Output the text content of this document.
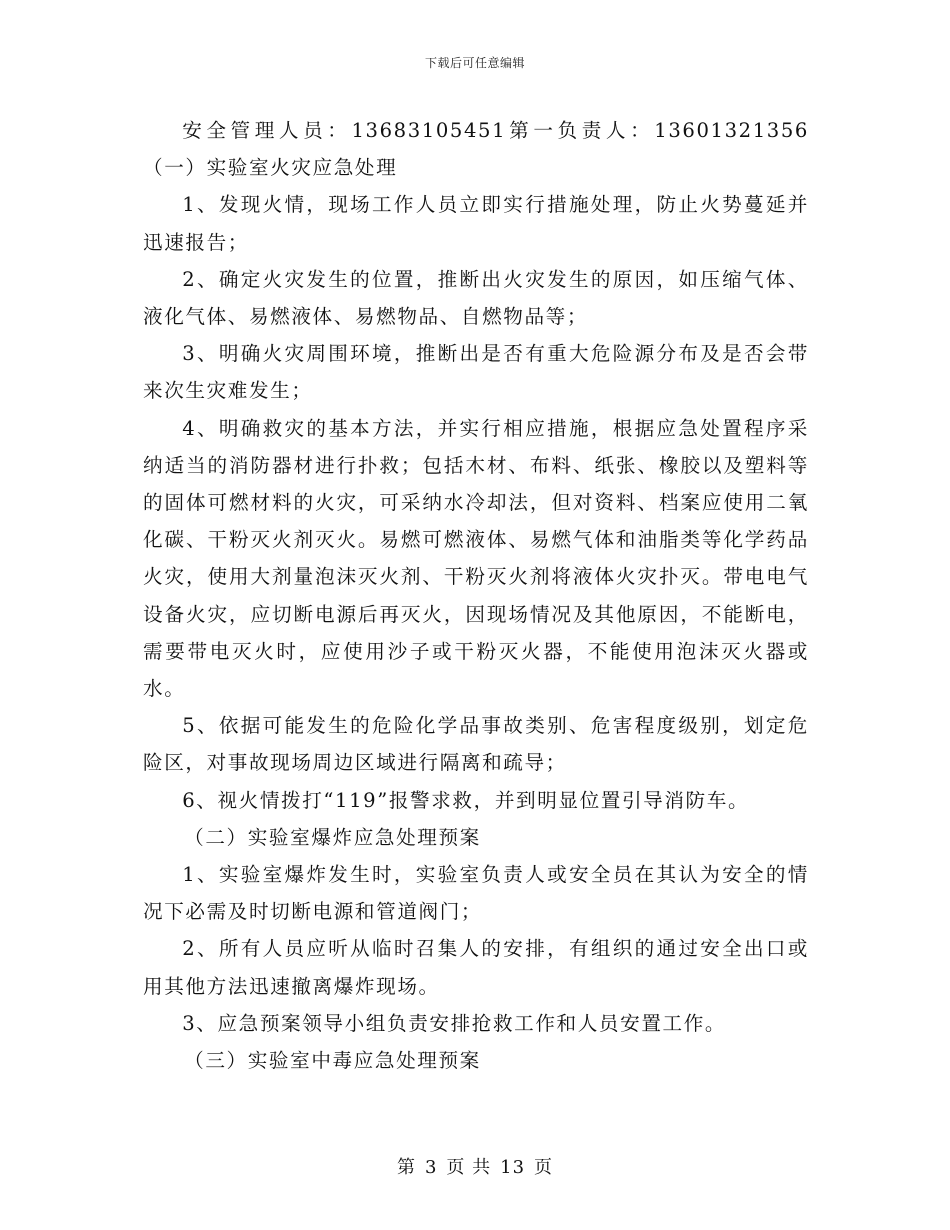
下载后可任意编辑

安全管理人员：13683105451第一负责人：13601321356（一）实验室火灾应急处理

1、发现火情，现场工作人员立即实行措施处理，防止火势蔓延并迅速报告；

2、确定火灾发生的位置，推断出火灾发生的原因，如压缩气体、液化气体、易燃液体、易燃物品、自燃物品等；

3、明确火灾周围环境，推断出是否有重大危险源分布及是否会带来次生灾难发生；

4、明确救灾的基本方法，并实行相应措施，根据应急处置程序采纳适当的消防器材进行扑救；包括木材、布料、纸张、橡胶以及塑料等的固体可燃材料的火灾，可采纳水冷却法，但对资料、档案应使用二氧化碳、干粉灭火剂灭火。易燃可燃液体、易燃气体和油脂类等化学药品火灾，使用大剂量泡沫灭火剂、干粉灭火剂将液体火灾扑灭。带电电气设备火灾，应切断电源后再灭火，因现场情况及其他原因，不能断电，需要带电灭火时，应使用沙子或干粉灭火器，不能使用泡沫灭火器或水。

5、依据可能发生的危险化学品事故类别、危害程度级别，划定危险区，对事故现场周边区域进行隔离和疏导；

6、视火情拨打“119”报警求救，并到明显位置引导消防车。

（二）实验室爆炸应急处理预案

1、实验室爆炸发生时，实验室负责人或安全员在其认为安全的情况下必需及时切断电源和管道阀门；

2、所有人员应听从临时召集人的安排，有组织的通过安全出口或用其他方法迅速撤离爆炸现场。

3、应急预案领导小组负责安排抢救工作和人员安置工作。

（三）实验室中毒应急处理预案

第 3 页 共 13 页
